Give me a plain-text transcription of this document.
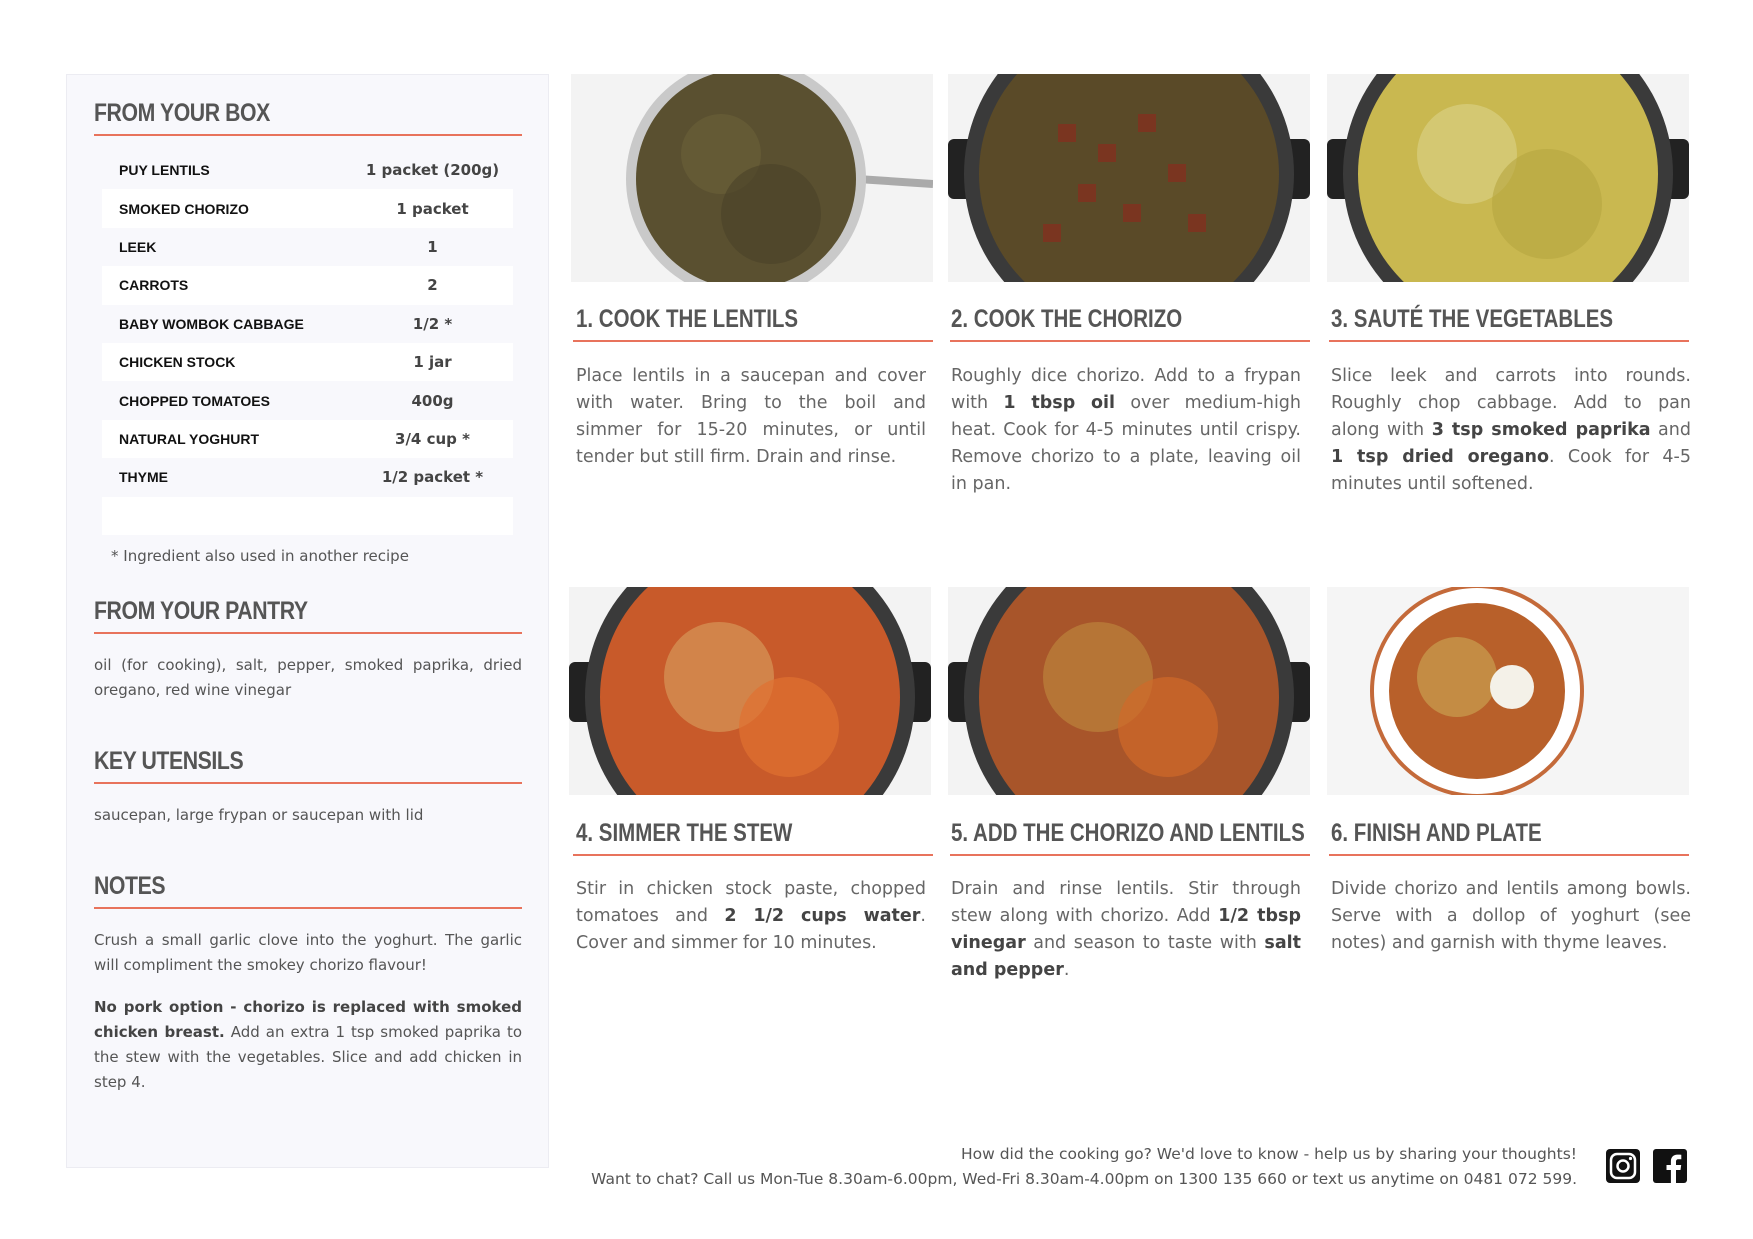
FROM YOUR BOX
PUY LENTILS	1 packet (200g)
SMOKED CHORIZO	1 packet
LEEK	1
CARROTS	2
BABY WOMBOK CABBAGE	1/2 *
CHICKEN STOCK	1 jar
CHOPPED TOMATOES	400g
NATURAL YOGHURT	3/4 cup *
THYME	1/2 packet *
* Ingredient also used in another recipe
FROM YOUR PANTRY
oil (for cooking), salt, pepper, smoked paprika, dried oregano, red wine vinegar
KEY UTENSILS
saucepan, large frypan or saucepan with lid
NOTES
Crush a small garlic clove into the yoghurt. The garlic will compliment the smokey chorizo flavour!
No pork option - chorizo is replaced with smoked chicken breast. Add an extra 1 tsp smoked paprika to the stew with the vegetables. Slice and add chicken in step 4.
1. COOK THE LENTILS
Place lentils in a saucepan and cover with water. Bring to the boil and simmer for 15-20 minutes, or until tender but still firm. Drain and rinse.
2. COOK THE CHORIZO
Roughly dice chorizo. Add to a frypan with 1 tbsp oil over medium-high heat. Cook for 4-5 minutes until crispy. Remove chorizo to a plate, leaving oil in pan.
3. SAUTÉ THE VEGETABLES
Slice leek and carrots into rounds. Roughly chop cabbage. Add to pan along with 3 tsp smoked paprika and 1 tsp dried oregano. Cook for 4-5 minutes until softened.
4. SIMMER THE STEW
Stir in chicken stock paste, chopped tomatoes and 2 1/2 cups water. Cover and simmer for 10 minutes.
5. ADD THE CHORIZO AND LENTILS
Drain and rinse lentils. Stir through stew along with chorizo. Add 1/2 tbsp vinegar and season to taste with salt and pepper.
6. FINISH AND PLATE
Divide chorizo and lentils among bowls. Serve with a dollop of yoghurt (see notes) and garnish with thyme leaves.
How did the cooking go? We'd love to know - help us by sharing your thoughts!
Want to chat? Call us Mon-Tue 8.30am-6.00pm, Wed-Fri 8.30am-4.00pm on 1300 135 660 or text us anytime on 0481 072 599.
